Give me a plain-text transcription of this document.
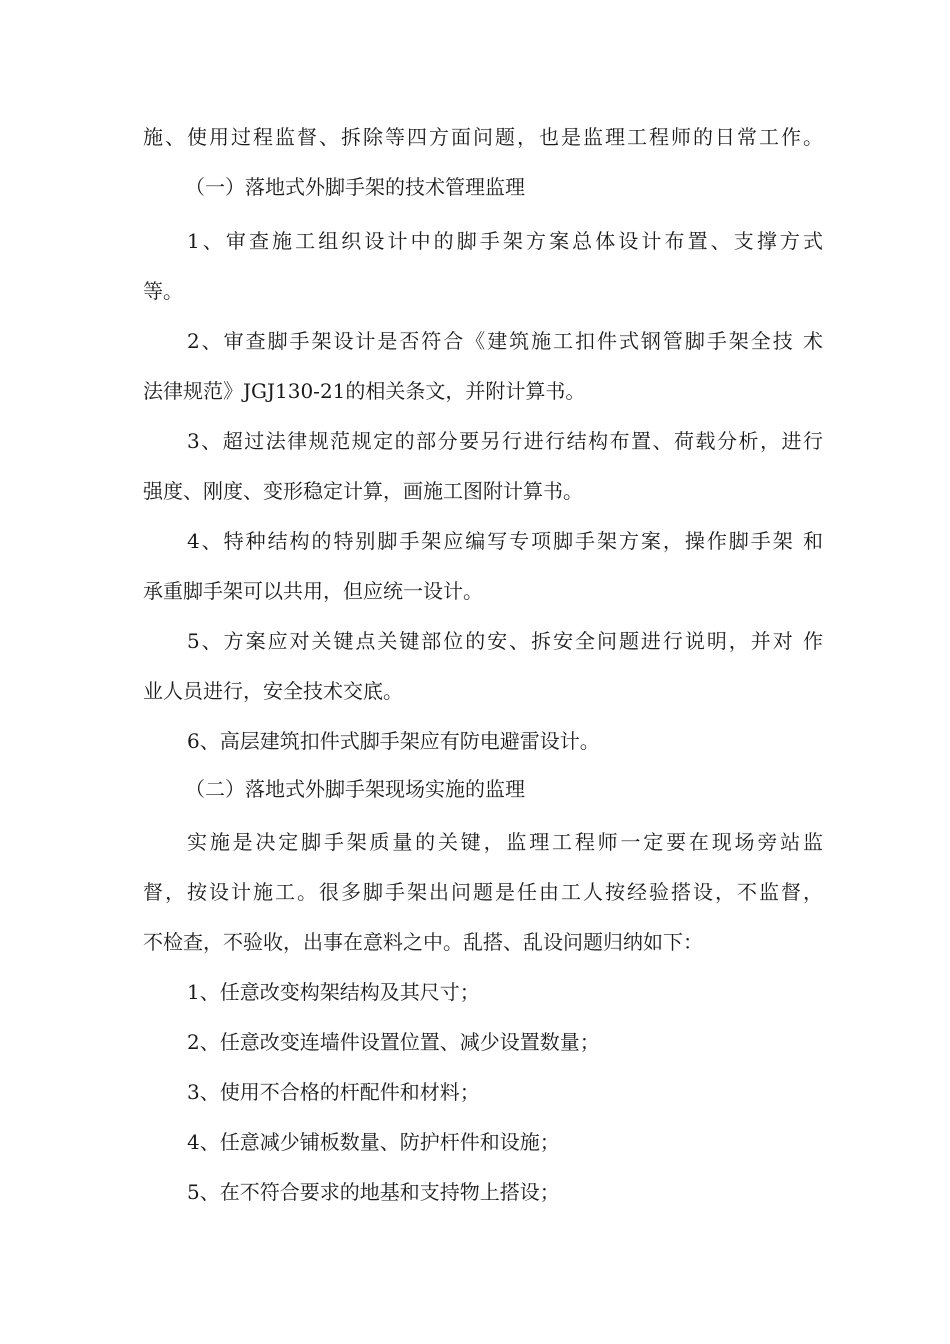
施、使用过程监督、拆除等四方面问题，也是监理工程师的日常工作。
（一）落地式外脚手架的技术管理监理
1、审查施工组织设计中的脚手架方案总体设计布置、支撑方式
等。
2、审查脚手架设计是否符合《建筑施工扣件式钢管脚手架全技 术
法律规范》JGJ130-21的相关条文，并附计算书。
3、超过法律规范规定的部分要另行进行结构布置、荷载分析，进行
强度、刚度、变形稳定计算，画施工图附计算书。
4、特种结构的特别脚手架应编写专项脚手架方案，操作脚手架 和
承重脚手架可以共用，但应统一设计。
5、方案应对关键点关键部位的安、拆安全问题进行说明，并对 作
业人员进行，安全技术交底。
6、高层建筑扣件式脚手架应有防电避雷设计。
（二）落地式外脚手架现场实施的监理
实施是决定脚手架质量的关键，监理工程师一定要在现场旁站监
督，按设计施工。很多脚手架出问题是任由工人按经验搭设，不监督，
不检查，不验收，出事在意料之中。乱搭、乱设问题归纳如下：
1、任意改变构架结构及其尺寸；
2、任意改变连墙件设置位置、减少设置数量；
3、使用不合格的杆配件和材料；
4、任意减少铺板数量、防护杆件和设施；
5、在不符合要求的地基和支持物上搭设；
